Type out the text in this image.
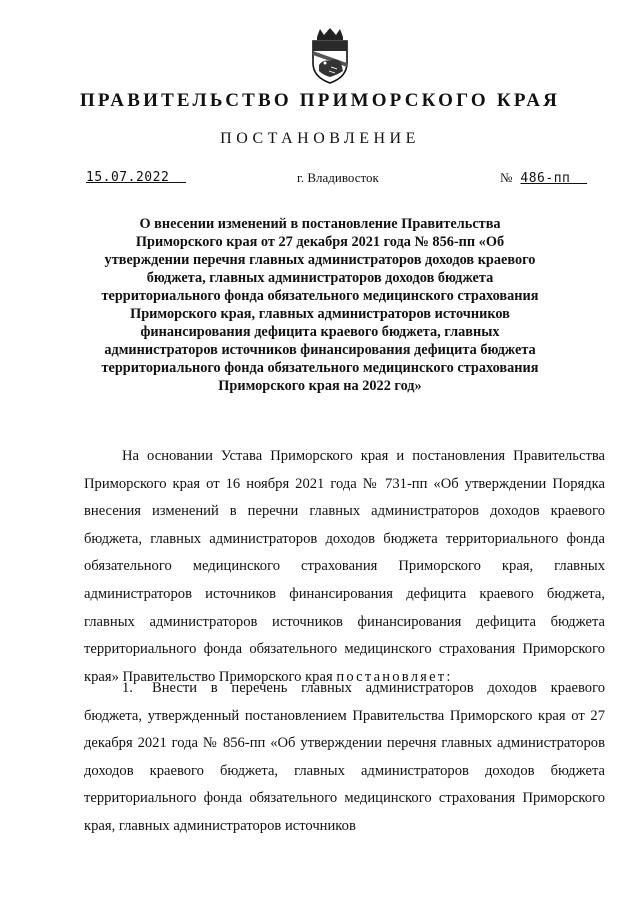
ПРАВИТЕЛЬСТВО ПРИМОРСКОГО КРАЯ
ПОСТАНОВЛЕНИЕ
15.07.2022	г. Владивосток	№ 486-пп
О внесении изменений в постановление Правительства Приморского края от 27 декабря 2021 года № 856-пп «Об утверждении перечня главных администраторов доходов краевого бюджета, главных администраторов доходов бюджета территориального фонда обязательного медицинского страхования Приморского края, главных администраторов источников финансирования дефицита краевого бюджета, главных администраторов источников финансирования дефицита бюджета территориального фонда обязательного медицинского страхования Приморского края на 2022 год»
На основании Устава Приморского края и постановления Правительства Приморского края от 16 ноября 2021 года № 731-пп «Об утверждении Порядка внесения изменений в перечни главных администраторов доходов краевого бюджета, главных администраторов доходов бюджета территориального фонда обязательного медицинского страхования Приморского края, главных администраторов источников финансирования дефицита краевого бюджета, главных администраторов источников финансирования дефицита бюджета территориального фонда обязательного медицинского страхования Приморского края» Правительство Приморского края постановляет:
1. Внести в перечень главных администраторов доходов краевого бюджета, утвержденный постановлением Правительства Приморского края от 27 декабря 2021 года № 856-пп «Об утверждении перечня главных администраторов доходов краевого бюджета, главных администраторов доходов бюджета территориального фонда обязательного медицинского страхования Приморского края, главных администраторов источников
